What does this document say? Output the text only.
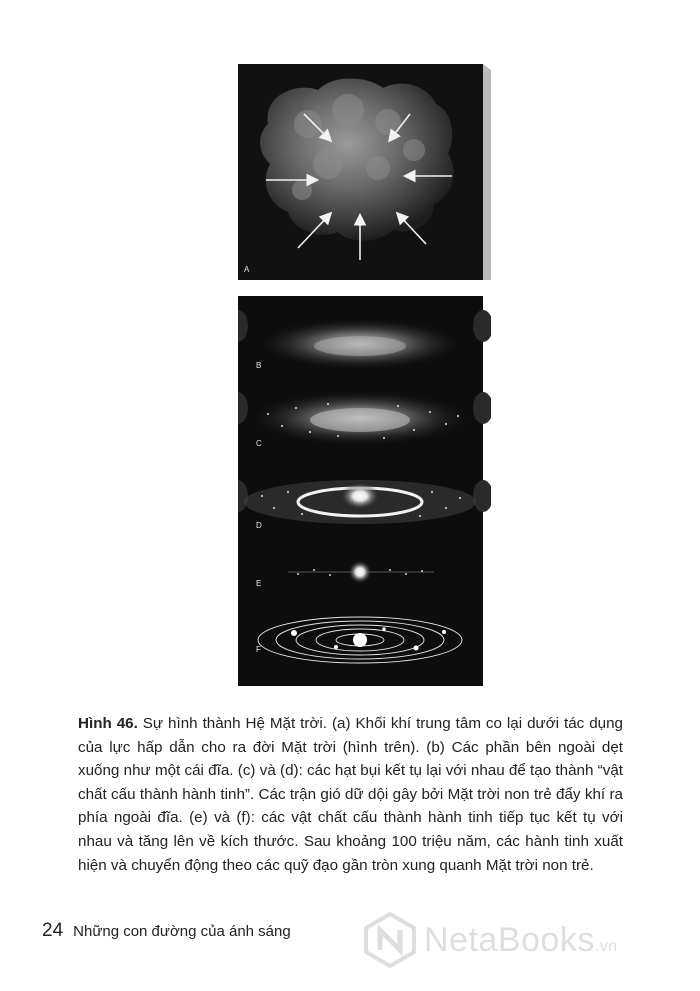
A
B
C
D
E
F
Hình 46. Sự hình thành Hệ Mặt trời. (a) Khối khí trung tâm co lại dưới tác dụng của lực hấp dẫn cho ra đời Mặt trời (hình trên). (b) Các phần bên ngoài dẹt xuống như một cái đĩa. (c) và (d): các hạt bụi kết tụ lại với nhau để tạo thành “vật chất cấu thành hành tinh”. Các trận gió dữ dội gây bởi Mặt trời non trẻ đẩy khí ra phía ngoài đĩa. (e) và (f): các vật chất cấu thành hành tinh tiếp tục kết tụ với nhau và tăng lên về kích thước. Sau khoảng 100 triệu năm, các hành tinh xuất hiện và chuyển động theo các quỹ đạo gần tròn xung quanh Mặt trời non trẻ.
24 Những con đường của ánh sáng	NetaBooks.vn
